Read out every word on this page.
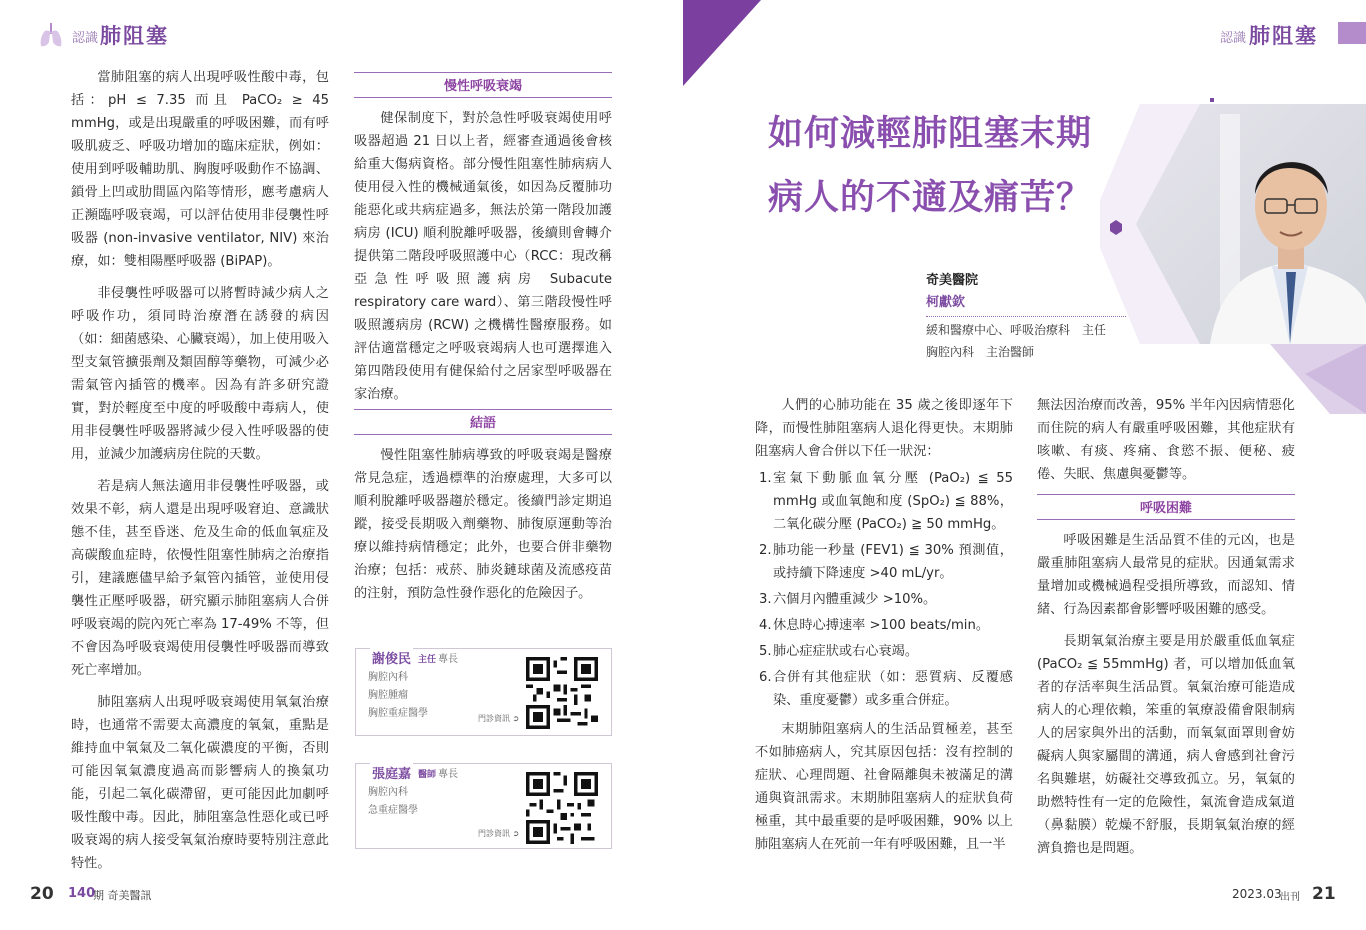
認識 肺阻塞

當肺阻塞的病人出現呼吸性酸中毒，包括：pH ≤ 7.35 而且 PaCO₂ ≥ 45 mmHg，或是出現嚴重的呼吸困難，而有呼吸肌疲乏、呼吸功增加的臨床症狀，例如：使用到呼吸輔助肌、胸腹呼吸動作不協調、鎖骨上凹或肋間區內陷等情形，應考慮病人正瀕臨呼吸衰竭，可以評估使用非侵襲性呼吸器 (non-invasive ventilator, NIV) 來治療，如：雙相陽壓呼吸器 (BiPAP)。

非侵襲性呼吸器可以將暫時減少病人之呼吸作功，須同時治療潛在誘發的病因（如：細菌感染、心臟衰竭），加上使用吸入型支氣管擴張劑及類固醇等藥物，可減少必需氣管內插管的機率。因為有許多研究證實，對於輕度至中度的呼吸酸中毒病人，使用非侵襲性呼吸器將減少侵入性呼吸器的使用，並減少加護病房住院的天數。

若是病人無法適用非侵襲性呼吸器，或效果不彰，病人還是出現呼吸窘迫、意識狀態不佳，甚至昏迷、危及生命的低血氧症及高碳酸血症時，依慢性阻塞性肺病之治療指引，建議應儘早給予氣管內插管，並使用侵襲性正壓呼吸器，研究顯示肺阻塞病人合併呼吸衰竭的院內死亡率為 17-49% 不等，但不會因為呼吸衰竭使用侵襲性呼吸器而導致死亡率增加。

肺阻塞病人出現呼吸衰竭使用氧氣治療時，也通常不需要太高濃度的氧氣，重點是維持血中氧氣及二氧化碳濃度的平衡，否則可能因氧氣濃度過高而影響病人的換氣功能，引起二氧化碳滯留，更可能因此加劇呼吸性酸中毒。因此，肺阻塞急性惡化或已呼吸衰竭的病人接受氧氣治療時要特別注意此特性。

慢性呼吸衰竭

健保制度下，對於急性呼吸衰竭使用呼吸器超過 21 日以上者，經審查通過後會核給重大傷病資格。部分慢性阻塞性肺病病人使用侵入性的機械通氣後，如因為反覆肺功能惡化或共病症過多，無法於第一階段加護病房 (ICU) 順利脫離呼吸器，後續則會轉介提供第二階段呼吸照護中心（RCC：現改稱亞急性呼吸照護病房 Subacute respiratory care ward）、第三階段慢性呼吸照護病房 (RCW) 之機構性醫療服務。如評估適當穩定之呼吸衰竭病人也可選擇進入第四階段使用有健保給付之居家型呼吸器在家治療。

結語

慢性阻塞性肺病導致的呼吸衰竭是醫療常見急症，透過標準的治療處理，大多可以順利脫離呼吸器趨於穩定。後續門診定期追蹤，接受長期吸入劑藥物、肺復原運動等治療以維持病情穩定；此外，也要合併非藥物治療；包括：戒菸、肺炎鏈球菌及流感疫苗的注射，預防急性發作惡化的危險因子。

謝俊民 主任 專長
胸腔內科
胸腔腫瘤
胸腔重症醫學	門診資訊 ➲
張庭嘉 醫師 專長
胸腔內科
急重症醫學
門診資訊 ➲
20 140
期 奇美醫訊
認識 肺阻塞
如何減輕肺阻塞末期
病人的不適及痛苦？
奇美醫院
柯獻欽
緩和醫療中心、呼吸治療科　主任
胸腔內科　主治醫師

人們的心肺功能在 35 歲之後即逐年下降，而慢性肺阻塞病人退化得更快。末期肺阻塞病人會合併以下任一狀況：

1. 室氣下動脈血氧分壓 (PaO₂) ≦ 55 mmHg 或血氧飽和度 (SpO₂) ≦ 88%，二氧化碳分壓 (PaCO₂) ≧ 50 mmHg。
2. 肺功能一秒量 (FEV1) ≦ 30% 預測值，或持續下降速度 >40 mL/yr。
3. 六個月內體重減少 >10%。
4. 休息時心搏速率 >100 beats/min。
5. 肺心症症狀或右心衰竭。
6. 合併有其他症狀（如：惡質病、反覆感染、重度憂鬱）或多重合併症。

末期肺阻塞病人的生活品質極差，甚至不如肺癌病人，究其原因包括：沒有控制的症狀、心理問題、社會隔離與未被滿足的溝通與資訊需求。末期肺阻塞病人的症狀負荷極重，其中最重要的是呼吸困難，90% 以上肺阻塞病人在死前一年有呼吸困難，且一半

無法因治療而改善，95% 半年內因病情惡化而住院的病人有嚴重呼吸困難，其他症狀有咳嗽、有痰、疼痛、食慾不振、便秘、疲倦、失眠、焦慮與憂鬱等。

呼吸困難

呼吸困難是生活品質不佳的元凶，也是嚴重肺阻塞病人最常見的症狀。因通氣需求量增加或機械過程受損所導致，而認知、情緒、行為因素都會影響呼吸困難的感受。

長期氧氣治療主要是用於嚴重低血氧症 (PaCO₂ ≦ 55mmHg) 者，可以增加低血氧者的存活率與生活品質。氧氣治療可能造成病人的心理依賴，笨重的氧療設備會限制病人的居家與外出的活動，而氧氣面罩則會妨礙病人與家屬間的溝通，病人會感到社會污名與難堪，妨礙社交導致孤立。另，氧氣的助燃特性有一定的危險性，氣流會造成氣道（鼻黏膜）乾燥不舒服，長期氧氣治療的經濟負擔也是問題。

2023.03
出刊 21
